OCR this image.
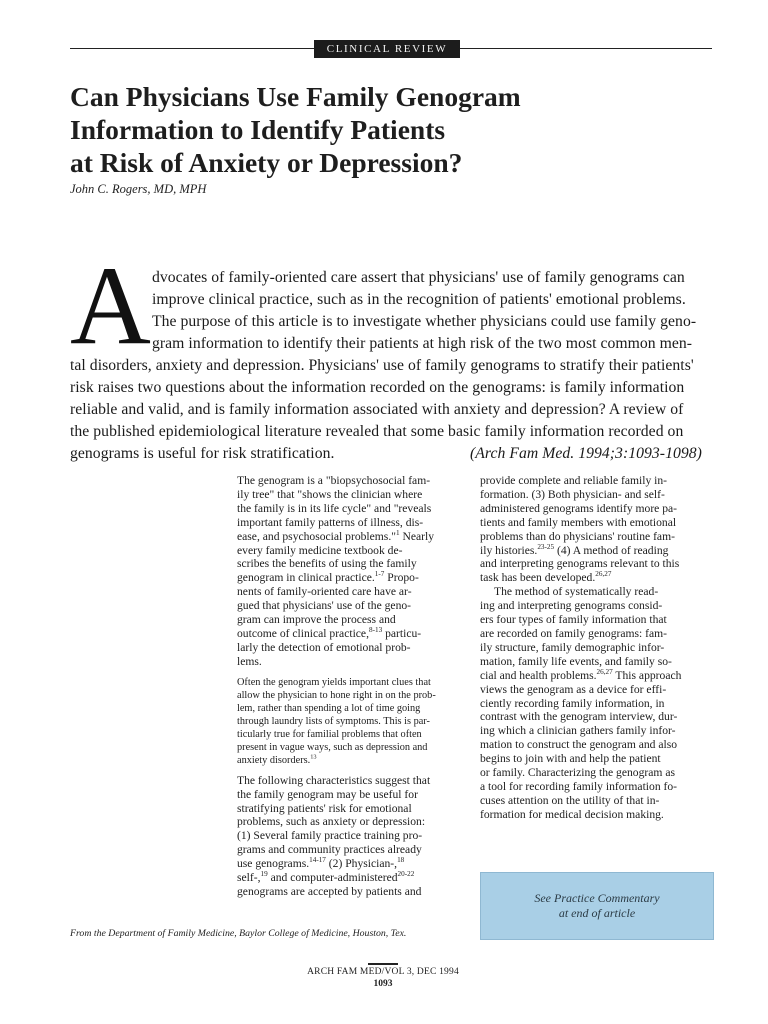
CLINICAL REVIEW
Can Physicians Use Family Genogram
Information to Identify Patients
at Risk of Anxiety or Depression?
John C. Rogers, MD, MPH
A dvocates of family-oriented care assert that physicians' use of family genograms can
improve clinical practice, such as in the recognition of patients' emotional problems.
The purpose of this article is to investigate whether physicians could use family geno-
gram information to identify their patients at high risk of the two most common men-
tal disorders, anxiety and depression. Physicians' use of family genograms to stratify their patients'
risk raises two questions about the information recorded on the genograms: is family information
reliable and valid, and is family information associated with anxiety and depression? A review of
the published epidemiological literature revealed that some basic family information recorded on
genograms is useful for risk stratification.	(Arch Fam Med. 1994;3:1093-1098)
The genogram is a "biopsychosocial fam-
ily tree" that "shows the clinician where
the family is in its life cycle" and "reveals
important family patterns of illness, dis-
ease, and psychosocial problems."$^1$ Nearly
every family medicine textbook de-
scribes the benefits of using the family
genogram in clinical practice.$^{1-7}$ Propo-
nents of family-oriented care have ar-
gued that physicians' use of the geno-
gram can improve the process and
outcome of clinical practice,$^{8-13}$ particu-
larly the detection of emotional prob-
lems.
Often the genogram yields important clues that
allow the physician to hone right in on the prob-
lem, rather than spending a lot of time going
through laundry lists of symptoms. This is par-
ticularly true for familial problems that often
present in vague ways, such as depression and
anxiety disorders.$^{13}$
The following characteristics suggest that
the family genogram may be useful for
stratifying patients' risk for emotional
problems, such as anxiety or depression:
(1) Several family practice training pro-
grams and community practices already
use genograms.$^{14-17}$ (2) Physician-,$^{18}$
self-,$^{19}$ and computer-administered$^{20-22}$
genograms are accepted by patients and
provide complete and reliable family in-
formation. (3) Both physician- and self-
administered genograms identify more pa-
tients and family members with emotional
problems than do physicians' routine fam-
ily histories.$^{23-25}$ (4) A method of reading
and interpreting genograms relevant to this
task has been developed.$^{26,27}$
The method of systematically read-
ing and interpreting genograms consid-
ers four types of family information that
are recorded on family genograms: fam-
ily structure, family demographic infor-
mation, family life events, and family so-
cial and health problems.$^{26,27}$ This approach
views the genogram as a device for effi-
ciently recording family information, in
contrast with the genogram interview, dur-
ing which a clinician gathers family infor-
mation to construct the genogram and also
begins to join with and help the patient
or family. Characterizing the genogram as
a tool for recording family information fo-
cuses attention on the utility of that in-
formation for medical decision making.
See Practice Commentary
at end of article
From the Department of Family Medicine, Baylor College of Medicine, Houston, Tex.
ARCH FAM MED/VOL 3, DEC 1994
1093
